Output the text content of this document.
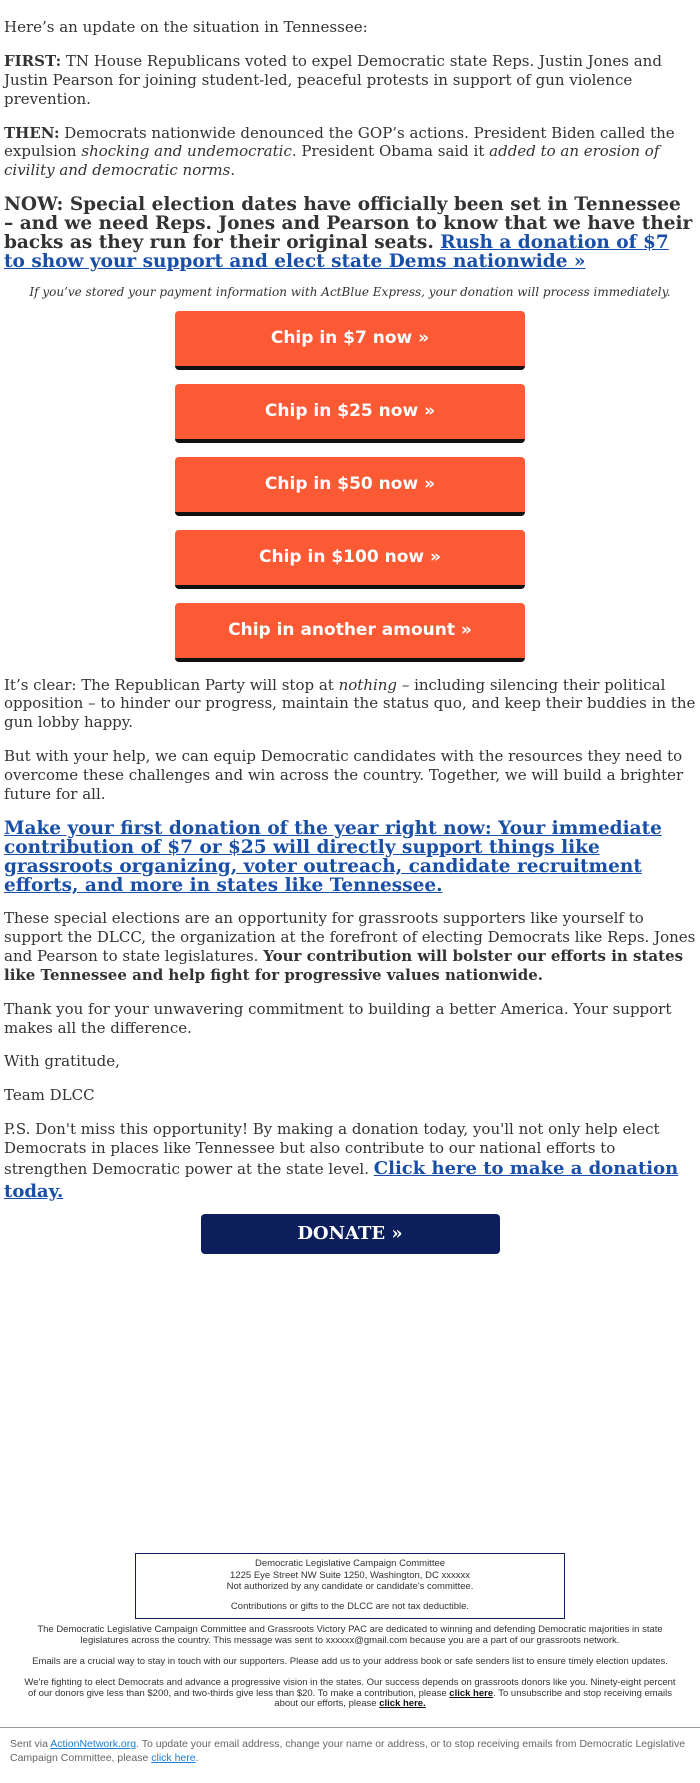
Here’s an update on the situation in Tennessee:

FIRST: TN House Republicans voted to expel Democratic state Reps. Justin Jones and Justin Pearson for joining student-led, peaceful protests in support of gun violence prevention.

THEN: Democrats nationwide denounced the GOP’s actions. President Biden called the expulsion shocking and undemocratic. President Obama said it added to an erosion of civility and democratic norms.

NOW: Special election dates have officially been set in Tennessee – and we need Reps. Jones and Pearson to know that we have their backs as they run for their original seats. Rush a donation of $7 to show your support and elect state Dems nationwide »

If you’ve stored your payment information with ActBlue Express, your donation will process immediately.

Chip in $7 now »
Chip in $25 now »
Chip in $50 now »
Chip in $100 now »
Chip in another amount »

It’s clear: The Republican Party will stop at nothing – including silencing their political opposition – to hinder our progress, maintain the status quo, and keep their buddies in the gun lobby happy.

But with your help, we can equip Democratic candidates with the resources they need to overcome these challenges and win across the country. Together, we will build a brighter future for all.

Make your first donation of the year right now: Your immediate contribution of $7 or $25 will directly support things like grassroots organizing, voter outreach, candidate recruitment efforts, and more in states like Tennessee.

These special elections are an opportunity for grassroots supporters like yourself to support the DLCC, the organization at the forefront of electing Democrats like Reps. Jones and Pearson to state legislatures. Your contribution will bolster our efforts in states like Tennessee and help fight for progressive values nationwide.

Thank you for your unwavering commitment to building a better America. Your support makes all the difference.

With gratitude,

Team DLCC

P.S. Don't miss this opportunity! By making a donation today, you'll not only help elect Democrats in places like Tennessee but also contribute to our national efforts to strengthen Democratic power at the state level. Click here to make a donation today.

DONATE »
Democratic Legislative Campaign Committee
1225 Eye Street NW Suite 1250, Washington, DC xxxxxx
Not authorized by any candidate or candidate's committee.
Contributions or gifts to the DLCC are not tax deductible.

The Democratic Legislative Campaign Committee and Grassroots Victory PAC are dedicated to winning and defending Democratic majorities in state legislatures across the country. This message was sent to xxxxxx@gmail.com because you are a part of our grassroots network.

Emails are a crucial way to stay in touch with our supporters. Please add us to your address book or safe senders list to ensure timely election updates.

We're fighting to elect Democrats and advance a progressive vision in the states. Our success depends on grassroots donors like you. Ninety-eight percent of our donors give less than $200, and two-thirds give less than $20. To make a contribution, please click here. To unsubscribe and stop receiving emails about our efforts, please click here.

Sent via ActionNetwork.org. To update your email address, change your name or address, or to stop receiving emails from Democratic Legislative Campaign Committee, please click here.
